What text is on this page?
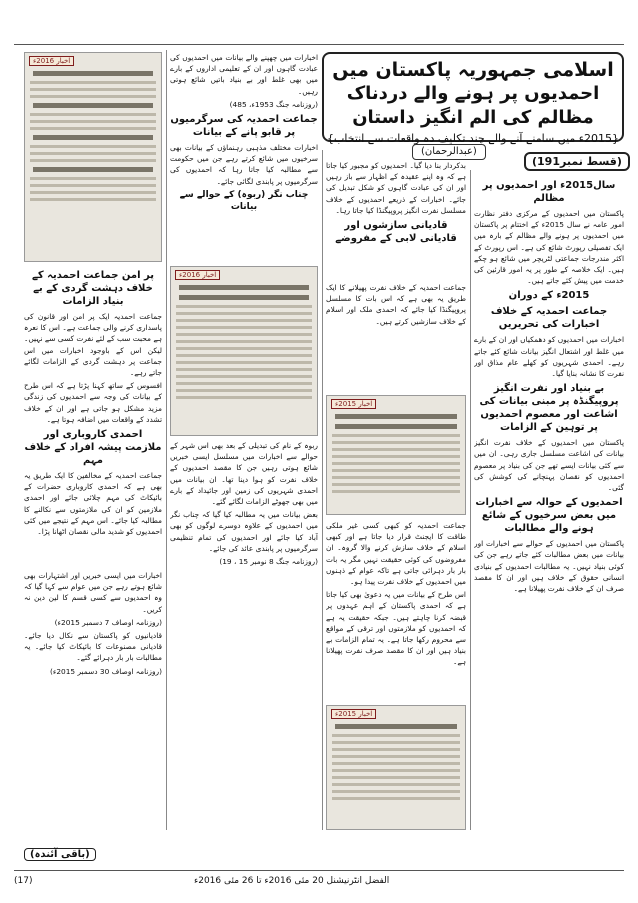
اسلامی جمہوریہ پاکستان میں
احمدیوں پر ہونے والے دردناک مظالم کی الم انگیز داستان
{2015ء میں سامنے آنے والے چند تکلیف دہ واقعات سے انتخاب}
(عبدالرحمان)
(قسط نمبر191)
سال2015ء اور احمدیوں پر مظالم

پاکستان میں احمدیوں کے مرکزی دفتر نظارت امور عامہ نے سال 2015ء کے اختتام پر پاکستان میں احمدیوں پر ہونے والے مظالم کے بارہ میں ایک تفصیلی رپورٹ شائع کی ہے۔ اس رپورٹ کے اکثر مندرجات جماعتی لٹریچر میں شائع ہو چکے ہیں۔ ایک خلاصہ کے طور پر یہ امور قارئین کی خدمت میں پیش کئے جاتے ہیں۔

2015ء کے دوران
جماعت احمدیہ کے خلاف اخبارات کی تحریریں

اخبارات میں احمدیوں کو دھمکیاں اور ان کے بارے میں غلط اور اشتعال انگیز بیانات شائع کئے جاتے رہے۔ احمدی شہریوں کو کھلے عام مذاق اور نفرت کا نشانہ بنایا گیا۔

بے بنیاد اور نفرت انگیز پروپیگنڈہ پر مبنی بیانات کی اشاعت اور معصوم احمدیوں پر توہین کے الزامات

پاکستان میں احمدیوں کے خلاف نفرت انگیز بیانات کی اشاعت مسلسل جاری رہی۔ ان میں سے کئی بیانات ایسے تھے جن کی بنیاد پر معصوم احمدیوں کو نقصان پہنچانے کی کوشش کی گئی۔

احمدیوں کے حوالہ سے اخبارات میں بعض سرخیوں کے شائع ہونے والے مطالبات

پاکستان میں احمدیوں کے حوالے سے اخبارات اور بیانات میں بعض مطالبات کئے جاتے رہے جن کی کوئی بنیاد نہیں۔ یہ مطالبات احمدیوں کے بنیادی انسانی حقوق کے خلاف ہیں اور ان کا مقصد صرف ان کے خلاف نفرت پھیلانا ہے۔

بدکردار بنا دیا گیا۔ احمدیوں کو مجبور کیا جاتا ہے کہ وہ اپنے عقیدہ کے اظہار سے باز رہیں اور ان کی عبادت گاہوں کو شکل تبدیل کی جائے۔ اخبارات کے ذریعے احمدیوں کے خلاف مسلسل نفرت انگیز پروپیگنڈا کیا جاتا رہا۔

قادیانی سازشوں اور قادیانی لابی کے مفروضے

جماعت احمدیہ کے خلاف نفرت پھیلانے کا ایک طریق یہ بھی ہے کہ اس بات کا مسلسل پروپیگنڈا کیا جائے کہ احمدی ملک اور اسلام کے خلاف سازشیں کرتے ہیں۔

اخبار 2015ء

جماعت احمدیہ کو کبھی کسی غیر ملکی طاقت کا ایجنٹ قرار دیا جاتا ہے اور کبھی اسلام کے خلاف سازش کرنے والا گروہ۔ ان مفروضوں کی کوئی حقیقت نہیں مگر یہ بات بار بار دہرائی جاتی ہے تاکہ عوام کے ذہنوں میں احمدیوں کے خلاف نفرت پیدا ہو۔

اس طرح کے بیانات میں یہ دعویٰ بھی کیا جاتا ہے کہ احمدی پاکستان کے اہم عہدوں پر قبضہ کرنا چاہتے ہیں۔ جبکہ حقیقت یہ ہے کہ احمدیوں کو ملازمتوں اور ترقی کے مواقع سے محروم رکھا جاتا ہے۔ یہ تمام الزامات بے بنیاد ہیں اور ان کا مقصد صرف نفرت پھیلانا ہے۔

اخبار 2015ء

اخبارات میں چھپنے والے بیانات میں احمدیوں کی عبادت گاہوں اور ان کے تعلیمی اداروں کے بارے میں بھی غلط اور بے بنیاد باتیں شائع ہوتی رہیں۔

(روزنامہ جنگ 1953ء، 485)

جماعت احمدیہ کی سرگرمیوں پر قابو پانے کے بیانات

اخبارات مختلف مذہبی رہنماؤں کے بیانات بھی سرخیوں میں شائع کرتے رہے جن میں حکومت سے مطالبہ کیا جاتا رہا کہ احمدیوں کی سرگرمیوں پر پابندی لگائی جائے۔

چناب نگر (ربوہ) کے حوالے سے بیانات
اخبار 2016ء

ربوہ کے نام کی تبدیلی کے بعد بھی اس شہر کے حوالے سے اخبارات میں مسلسل ایسی خبریں شائع ہوتی رہیں جن کا مقصد احمدیوں کے خلاف نفرت کو ہوا دینا تھا۔ ان بیانات میں احمدی شہریوں کی زمین اور جائیداد کے بارے میں بھی جھوٹے الزامات لگائے گئے۔

بعض بیانات میں یہ مطالبہ کیا گیا کہ چناب نگر میں احمدیوں کے علاوہ دوسرے لوگوں کو بھی آباد کیا جائے اور احمدیوں کی تمام تنظیمی سرگرمیوں پر پابندی عائد کی جائے۔

(روزنامہ جنگ 8 نومبر 15 ، 19)

اخبار 2016ء
پر امن جماعت احمدیہ کے خلاف دہشت گردی کے بے بنیاد الزامات

جماعت احمدیہ ایک پر امن اور قانون کی پاسداری کرنے والی جماعت ہے۔ اس کا نعرہ ہے محبت سب کے لئے نفرت کسی سے نہیں۔ لیکن اس کے باوجود اخبارات میں اس جماعت پر دہشت گردی کے الزامات لگائے جاتے رہے۔

افسوس کے ساتھ کہنا پڑتا ہے کہ اس طرح کے بیانات کی وجہ سے احمدیوں کی زندگی مزید مشکل ہو جاتی ہے اور ان کے خلاف تشدد کے واقعات میں اضافہ ہوتا ہے۔

احمدی کاروباری اور ملازمت پیشہ افراد کے خلاف مہم

جماعت احمدیہ کے مخالفین کا ایک طریق یہ بھی ہے کہ احمدی کاروباری حضرات کے بائیکاٹ کی مہم چلائی جائے اور احمدی ملازمین کو ان کی ملازمتوں سے نکالنے کا مطالبہ کیا جائے۔ اس مہم کے نتیجے میں کئی احمدیوں کو شدید مالی نقصان اٹھانا پڑا۔

اخبارات میں ایسی خبریں اور اشتہارات بھی شائع ہوتے رہے جن میں عوام سے کہا گیا کہ وہ احمدیوں سے کسی قسم کا لین دین نہ کریں۔

(روزنامہ اوصاف 7 دسمبر 2015ء)

قادیانیوں کو پاکستان سے نکال دیا جائے۔ قادیانی مصنوعات کا بائیکاٹ کیا جائے۔ یہ مطالبات بار بار دہرائے گئے۔

(روزنامہ اوصاف 30 دسمبر 2015ء)

(باقی آئندہ)
(17)	الفضل انٹرنیشنل 20 مئی 2016ء تا 26 مئی 2016ء
